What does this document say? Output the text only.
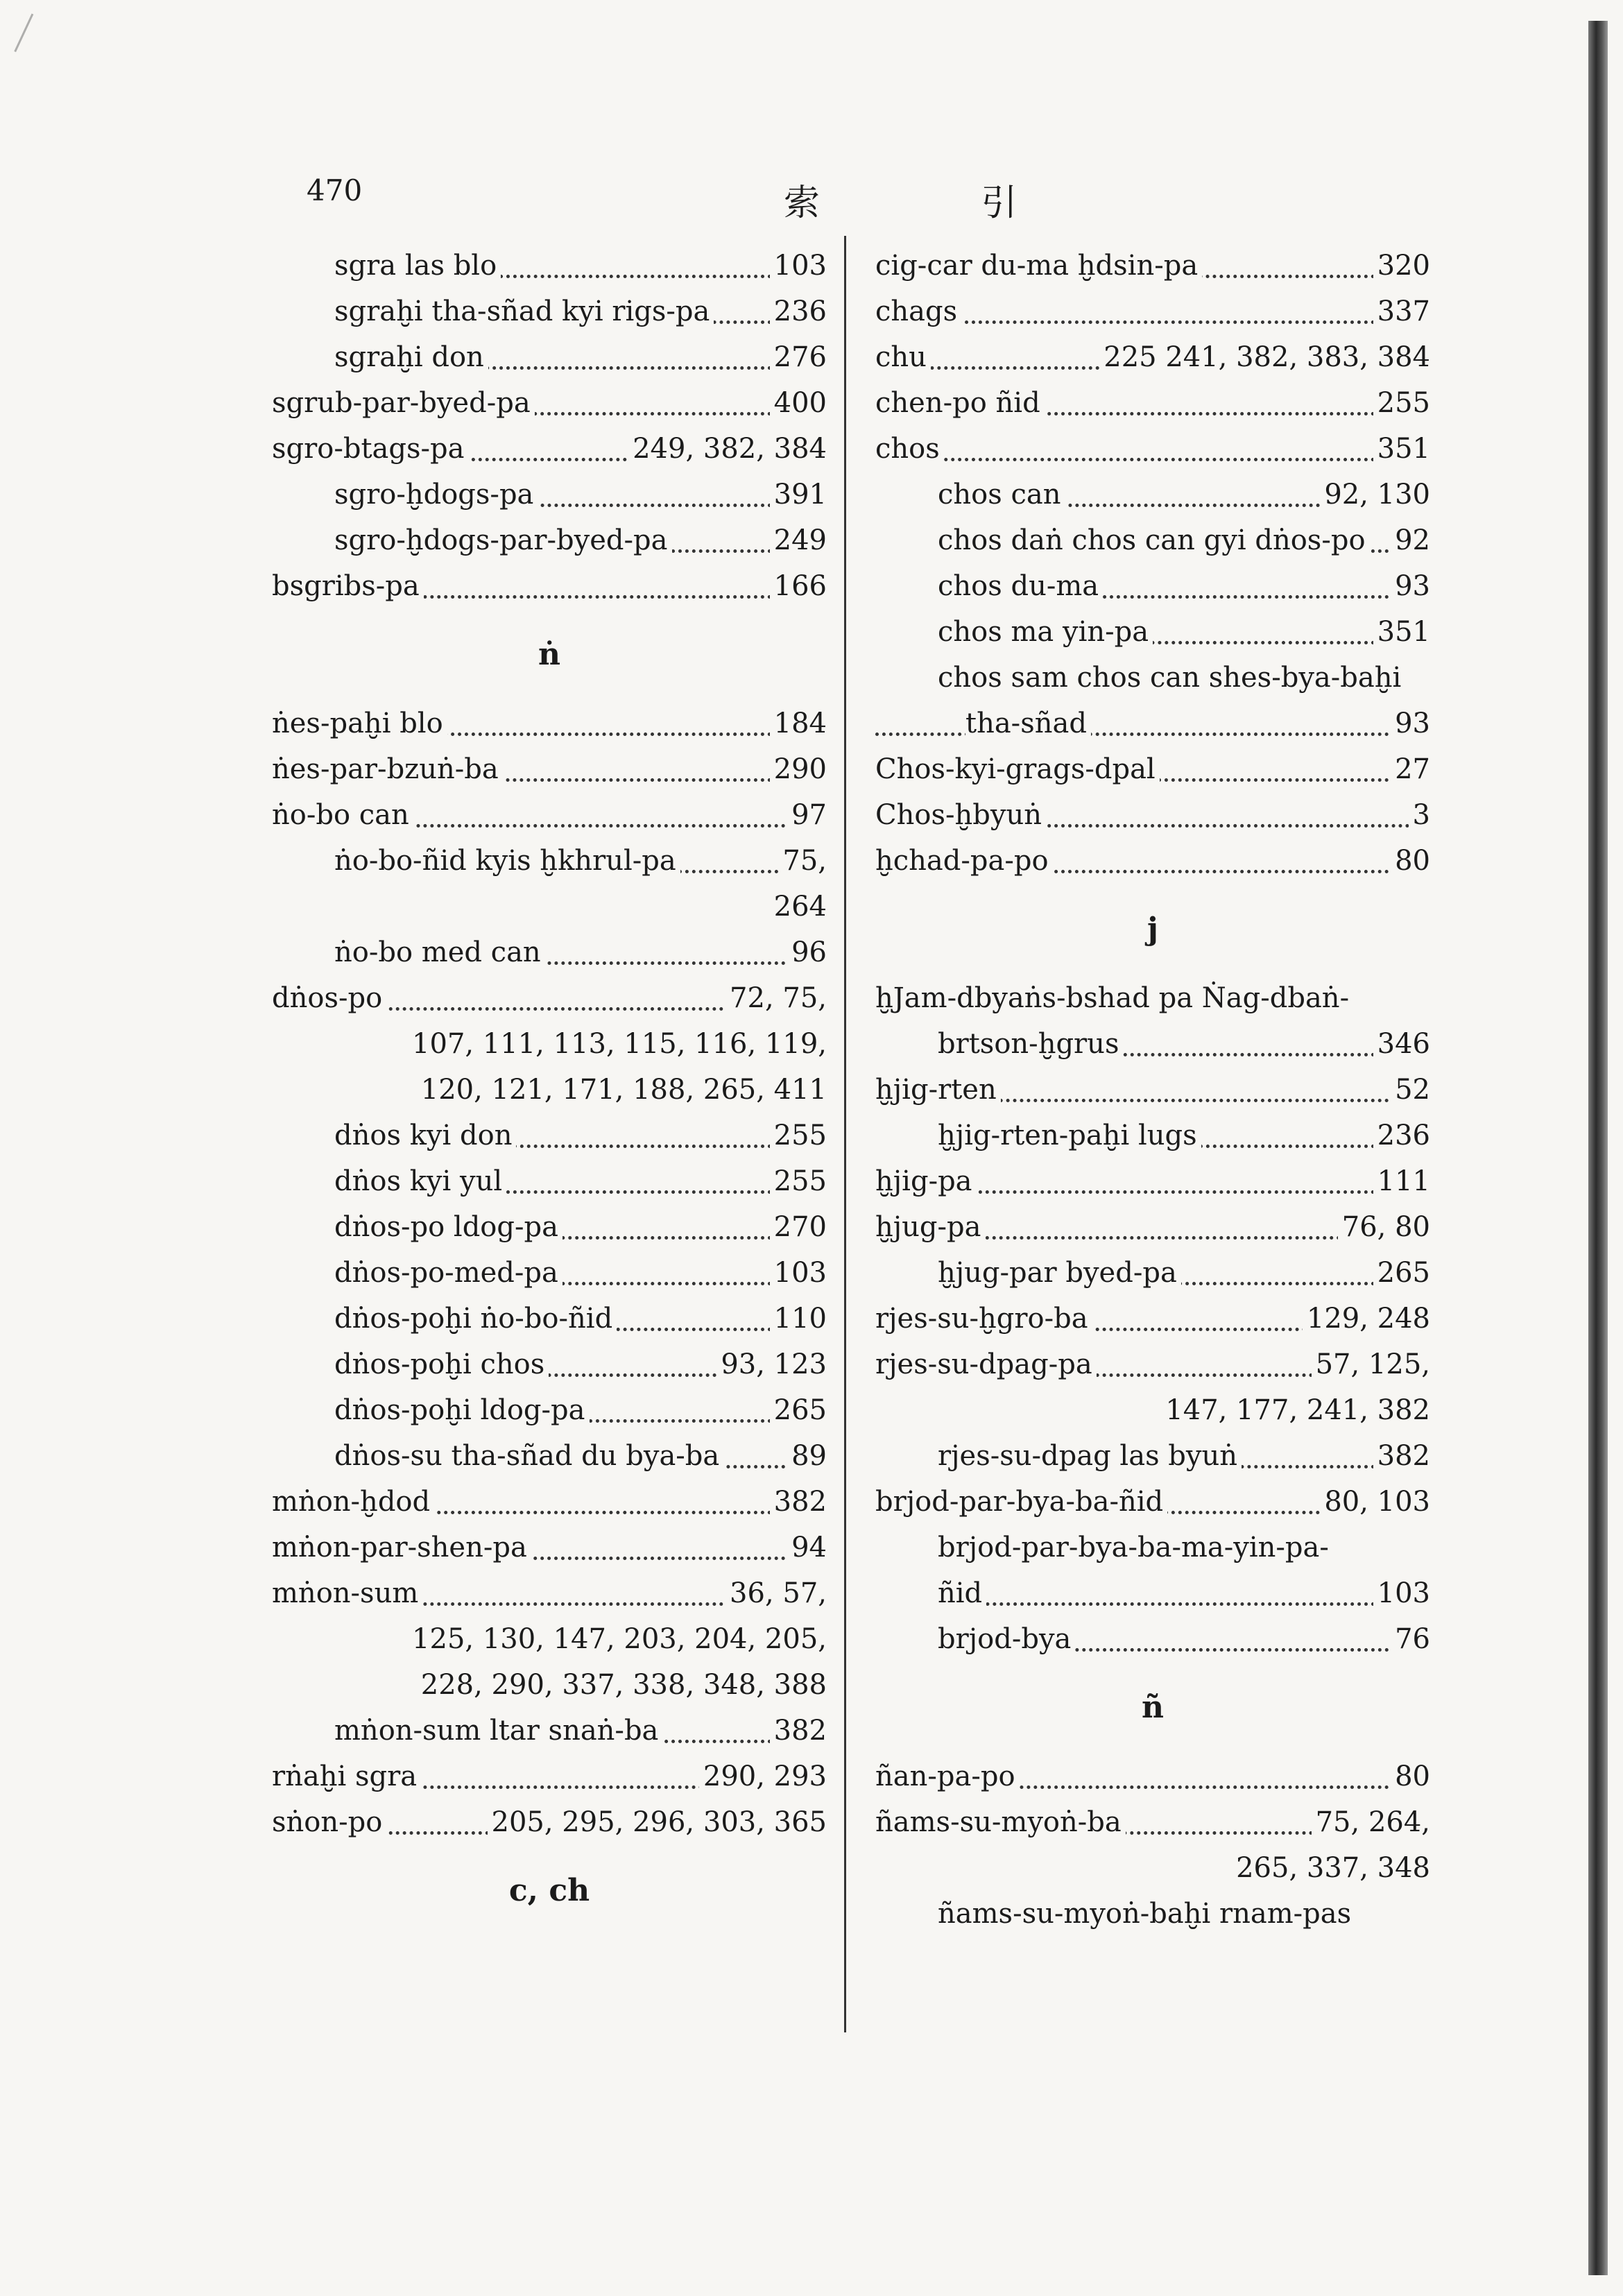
470	索 引
sgra las blo	103
sgraḫi tha-sñad kyi rigs-pa 236
sgraḫi don	276
sgrub-par-byed-pa	400
sgro-btags-pa	249, 382, 384
sgro-ḫdogs-pa	391
sgro-ḫdogs-par-byed-pa	249
bsgribs-pa	166
ṅ
ṅes-paḫi blo	184
ṅes-par-bzuṅ-ba	290
ṅo-bo can	97
ṅo-bo-ñid kyis ḫkhrul-pa	75,
264
ṅo-bo med can	96
dṅos-po	72, 75,
107, 111, 113, 115, 116, 119,
120, 121, 171, 188, 265, 411
dṅos kyi don	255
dṅos kyi yul	255
dṅos-po ldog-pa	270
dṅos-po-med-pa	103
dṅos-poḫi ṅo-bo-ñid	110
dṅos-poḫi chos	93, 123
dṅos-poḫi ldog-pa	265
dṅos-su tha-sñad du bya-ba	89
mṅon-ḫdod	382
mṅon-par-shen-pa	94
mṅon-sum	36, 57,
125, 130, 147, 203, 204, 205,
228, 290, 337, 338, 348, 388
mṅon-sum ltar snaṅ-ba	382
rṅaḫi sgra	290, 293
sṅon-po	205, 295, 296, 303, 365
c, ch
cig-car du-ma ḫdsin-pa	320
chags	337
chu	225 241, 382, 383, 384
chen-po ñid	255
chos	351
chos can	92, 130
chos daṅ chos can gyi dṅos-po 92
chos du-ma	93
chos ma yin-pa	351
chos sam chos can shes-bya-baḫi
tha-sñad	93
Chos-kyi-grags-dpal	27
Chos-ḫbyuṅ	3
ḫchad-pa-po	80
j
ḫJam-dbyaṅs-bshad pa Ṅag-dbaṅ-
brtson-ḫgrus	346
ḫjig-rten	52
ḫjig-rten-paḫi lugs	236
ḫjig-pa	111
ḫjug-pa	76, 80
ḫjug-par byed-pa	265
rjes-su-ḫgro-ba	129, 248
rjes-su-dpag-pa	57, 125,
147, 177, 241, 382
rjes-su-dpag las byuṅ	382
brjod-par-bya-ba-ñid	80, 103
brjod-par-bya-ba-ma-yin-pa-
ñid	103
brjod-bya	76
ñ
ñan-pa-po	80
ñams-su-myoṅ-ba	75, 264,
265, 337, 348
ñams-su-myoṅ-baḫi rnam-pas
